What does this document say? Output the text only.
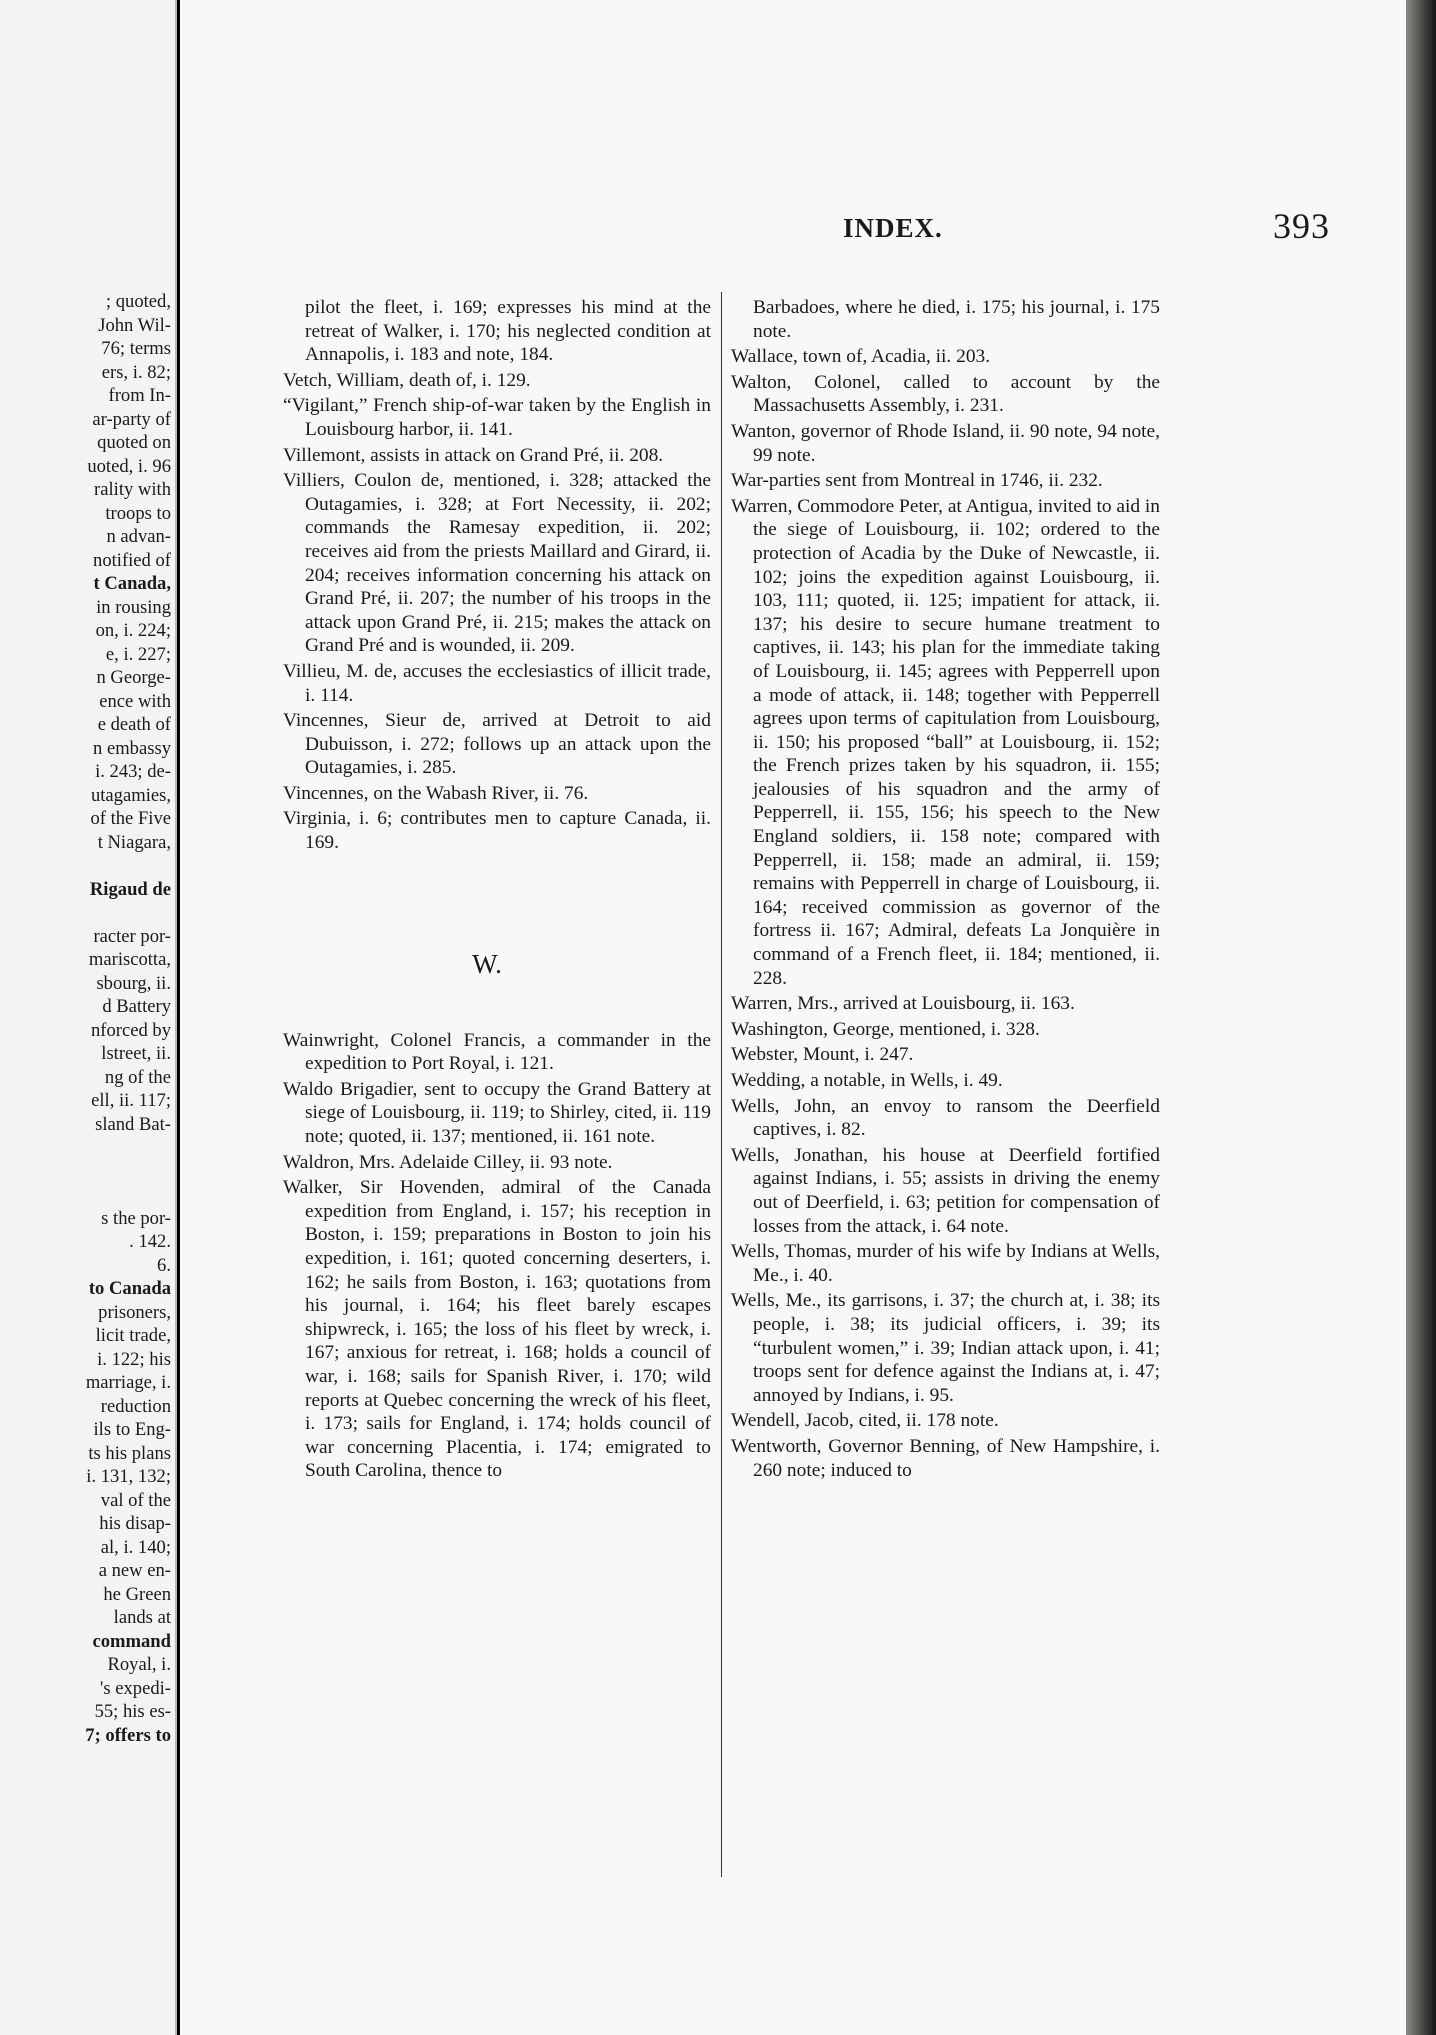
; quoted,
John Wil-
76; terms
ers, i. 82;
from In-
ar-party of
quoted on
uoted, i. 96
rality with
troops to
n advan-
notified of
t Canada,
in rousing
on, i. 224;
e, i. 227;
n George-
ence with
e death of
n embassy
i. 243; de-
utagamies,
of the Five
t Niagara,

Rigaud de

racter por-
mariscotta,
sbourg, ii.
d Battery
nforced by
lstreet, ii.
ng of the
ell, ii. 117;
sland Bat-

s the por-
. 142.
6.
to Canada
prisoners,
licit trade,
i. 122; his
marriage, i.
reduction
ils to Eng-
ts his plans
i. 131, 132;
val of the
his disap-
al, i. 140;
a new en-
he Green
lands at
command
Royal, i.
's expedi-
55; his es-
7; offers to
INDEX.	393
pilot the fleet, i. 169; expresses his mind at the retreat of Walker, i. 170; his neglected condition at Annapolis, i. 183 and note, 184.
Vetch, William, death of, i. 129.
“Vigilant,” French ship-of-war taken by the English in Louisbourg harbor, ii. 141.
Villemont, assists in attack on Grand Pré, ii. 208.
Villiers, Coulon de, mentioned, i. 328; attacked the Outagamies, i. 328; at Fort Necessity, ii. 202; commands the Ramesay expedition, ii. 202; receives aid from the priests Maillard and Girard, ii. 204; receives information concerning his attack on Grand Pré, ii. 207; the number of his troops in the attack upon Grand Pré, ii. 215; makes the attack on Grand Pré and is wounded, ii. 209.
Villieu, M. de, accuses the ecclesiastics of illicit trade, i. 114.
Vincennes, Sieur de, arrived at Detroit to aid Dubuisson, i. 272; follows up an attack upon the Outagamies, i. 285.
Vincennes, on the Wabash River, ii. 76.
Virginia, i. 6; contributes men to capture Canada, ii. 169.
W.
Wainwright, Colonel Francis, a commander in the expedition to Port Royal, i. 121.
Waldo Brigadier, sent to occupy the Grand Battery at siege of Louisbourg, ii. 119; to Shirley, cited, ii. 119 note; quoted, ii. 137; mentioned, ii. 161 note.
Waldron, Mrs. Adelaide Cilley, ii. 93 note.
Walker, Sir Hovenden, admiral of the Canada expedition from England, i. 157; his reception in Boston, i. 159; preparations in Boston to join his expedition, i. 161; quoted concerning deserters, i. 162; he sails from Boston, i. 163; quotations from his journal, i. 164; his fleet barely escapes shipwreck, i. 165; the loss of his fleet by wreck, i. 167; anxious for retreat, i. 168; holds a council of war, i. 168; sails for Spanish River, i. 170; wild reports at Quebec concerning the wreck of his fleet, i. 173; sails for England, i. 174; holds council of war concerning Placentia, i. 174; emigrated to South Carolina, thence to
Barbadoes, where he died, i. 175; his journal, i. 175 note.
Wallace, town of, Acadia, ii. 203.
Walton, Colonel, called to account by the Massachusetts Assembly, i. 231.
Wanton, governor of Rhode Island, ii. 90 note, 94 note, 99 note.
War-parties sent from Montreal in 1746, ii. 232.
Warren, Commodore Peter, at Antigua, invited to aid in the siege of Louisbourg, ii. 102; ordered to the protection of Acadia by the Duke of Newcastle, ii. 102; joins the expedition against Louisbourg, ii. 103, 111; quoted, ii. 125; impatient for attack, ii. 137; his desire to secure humane treatment to captives, ii. 143; his plan for the immediate taking of Louisbourg, ii. 145; agrees with Pepperrell upon a mode of attack, ii. 148; together with Pepperrell agrees upon terms of capitulation from Louisbourg, ii. 150; his proposed “ball” at Louisbourg, ii. 152; the French prizes taken by his squadron, ii. 155; jealousies of his squadron and the army of Pepperrell, ii. 155, 156; his speech to the New England soldiers, ii. 158 note; compared with Pepperrell, ii. 158; made an admiral, ii. 159; remains with Pepperrell in charge of Louisbourg, ii. 164; received commission as governor of the fortress ii. 167; Admiral, defeats La Jonquière in command of a French fleet, ii. 184; mentioned, ii. 228.
Warren, Mrs., arrived at Louisbourg, ii. 163.
Washington, George, mentioned, i. 328.
Webster, Mount, i. 247.
Wedding, a notable, in Wells, i. 49.
Wells, John, an envoy to ransom the Deerfield captives, i. 82.
Wells, Jonathan, his house at Deerfield fortified against Indians, i. 55; assists in driving the enemy out of Deerfield, i. 63; petition for compensation of losses from the attack, i. 64 note.
Wells, Thomas, murder of his wife by Indians at Wells, Me., i. 40.
Wells, Me., its garrisons, i. 37; the church at, i. 38; its people, i. 38; its judicial officers, i. 39; its “turbulent women,” i. 39; Indian attack upon, i. 41; troops sent for defence against the Indians at, i. 47; annoyed by Indians, i. 95.
Wendell, Jacob, cited, ii. 178 note.
Wentworth, Governor Benning, of New Hampshire, i. 260 note; induced to
